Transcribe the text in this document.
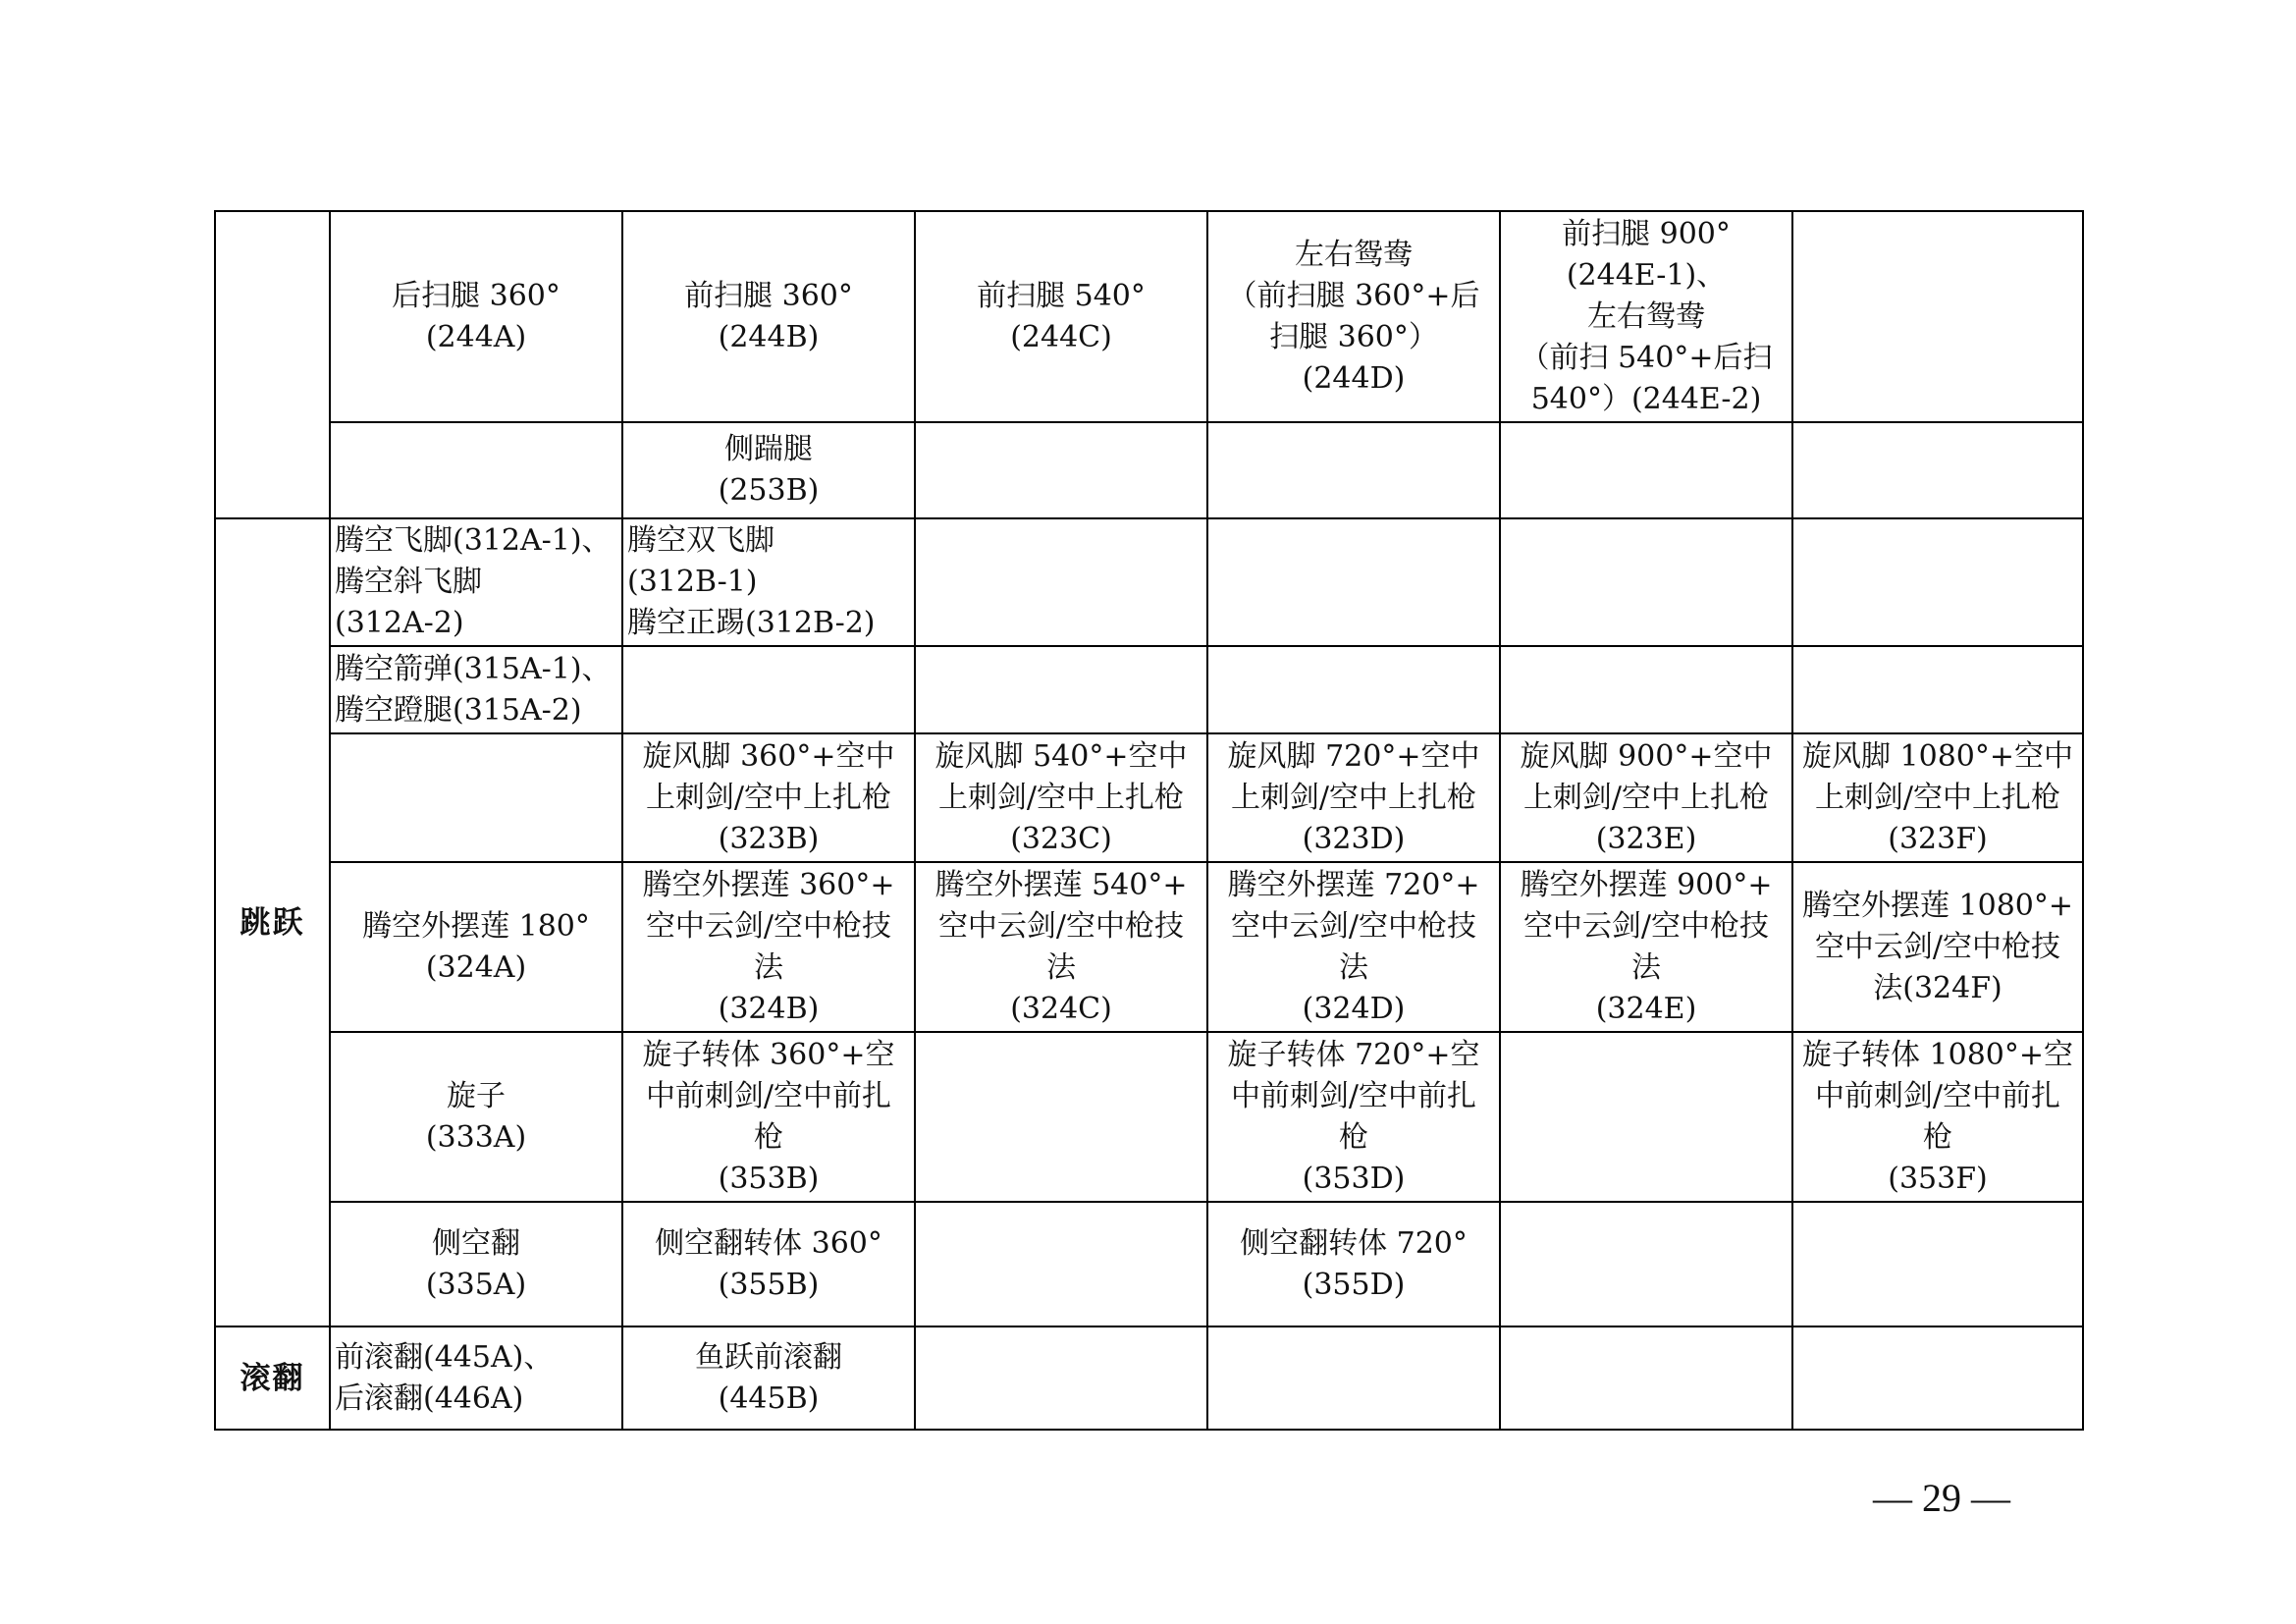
	后扫腿 360°
(244A)	前扫腿 360°
(244B)	前扫腿 540°
(244C)	左右鸳鸯
（前扫腿 360°+后
扫腿 360°）
(244D)	前扫腿 900°
(244E-1)、
左右鸳鸯
（前扫 540°+后扫
540°）(244E-2)	
		侧踹腿
(253B)				
跳跃	腾空飞脚(312A-1)、
腾空斜飞脚
(312A-2)	腾空双飞脚
(312B-1)
腾空正踢(312B-2)				
	腾空箭弹(315A-1)、
腾空蹬腿(315A-2)					
		旋风脚 360°+空中
上刺剑/空中上扎枪
(323B)	旋风脚 540°+空中
上刺剑/空中上扎枪
(323C)	旋风脚 720°+空中
上刺剑/空中上扎枪
(323D)	旋风脚 900°+空中
上刺剑/空中上扎枪
(323E)	旋风脚 1080°+空中
上刺剑/空中上扎枪
(323F)
	腾空外摆莲 180°
(324A)	腾空外摆莲 360°+
空中云剑/空中枪技
法
(324B)	腾空外摆莲 540°+
空中云剑/空中枪技
法
(324C)	腾空外摆莲 720°+
空中云剑/空中枪技
法
(324D)	腾空外摆莲 900°+
空中云剑/空中枪技
法
(324E)	腾空外摆莲 1080°+
空中云剑/空中枪技
法(324F)
	旋子
(333A)	旋子转体 360°+空
中前刺剑/空中前扎
枪
(353B)		旋子转体 720°+空
中前刺剑/空中前扎
枪
(353D)		旋子转体 1080°+空
中前刺剑/空中前扎
枪
(353F)
	侧空翻
(335A)	侧空翻转体 360°
(355B)		侧空翻转体 720°
(355D)		
滚翻	前滚翻(445A)、
后滚翻(446A)	鱼跃前滚翻
(445B)				
— 29 —
